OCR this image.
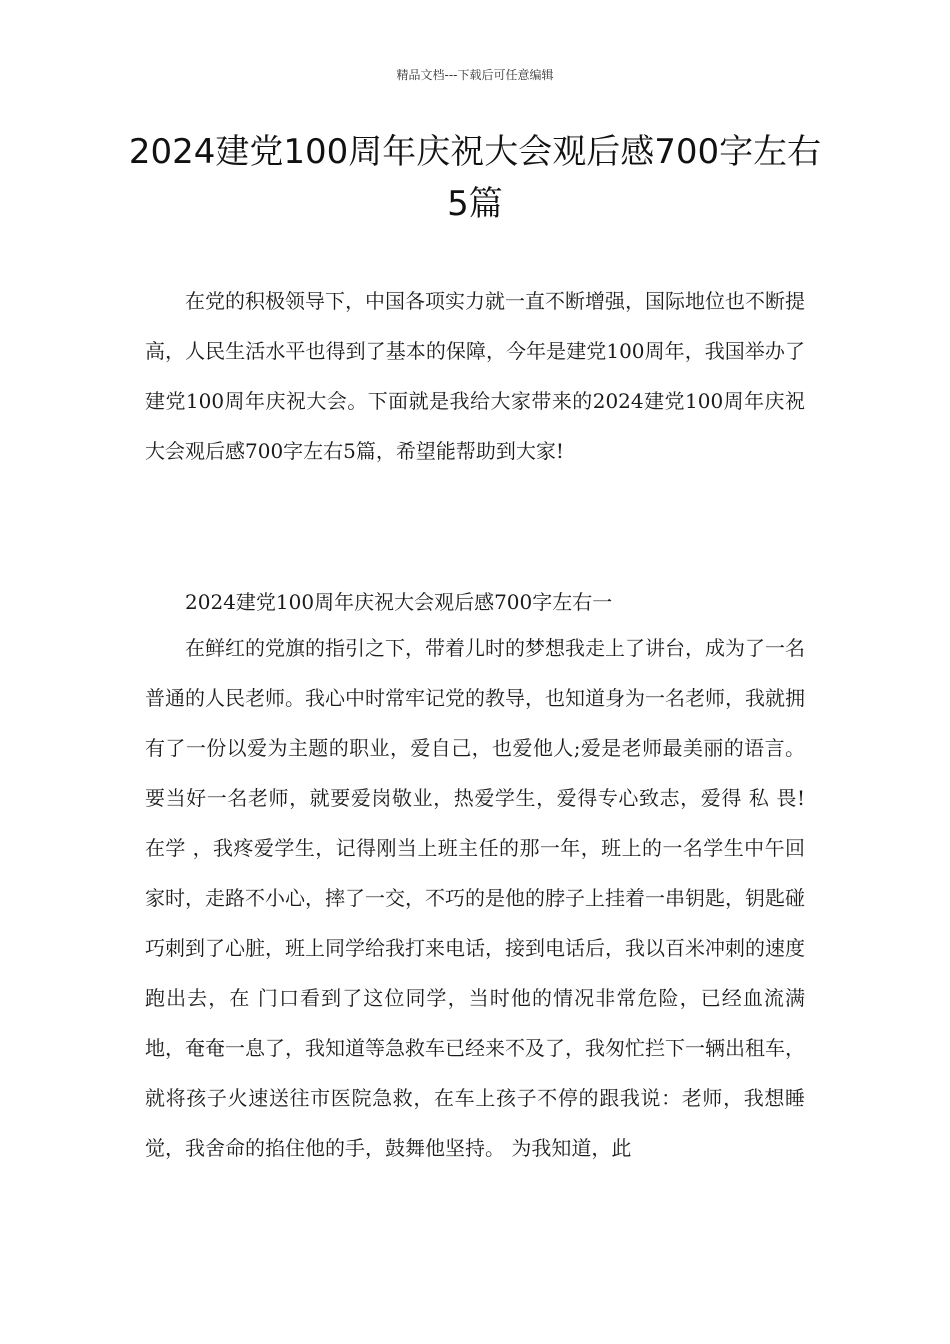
精品文档---下载后可任意编辑
2024建党100周年庆祝大会观后感700字左右5篇

在党的积极领导下，中国各项实力就一直不断增强，国际地位也不断提高，人民生活水平也得到了基本的保障，今年是建党100周年，我国举办了建党100周年庆祝大会。下面就是我给大家带来的2024建党100周年庆祝大会观后感700字左右5篇，希望能帮助到大家!

2024建党100周年庆祝大会观后感700字左右一

在鲜红的党旗的指引之下，带着儿时的梦想我走上了讲台，成为了一名普通的人民老师。我心中时常牢记党的教导，也知道身为一名老师，我就拥有了一份以爱为主题的职业，爱自己，也爱他人;爱是老师最美丽的语言。要当好一名老师，就要爱岗敬业，热爱学生，爱得专心致志，爱得 私 畏!在学 ，我疼爱学生，记得刚当上班主任的那一年，班上的一名学生中午回家时，走路不小心，摔了一交，不巧的是他的脖子上挂着一串钥匙，钥匙碰巧刺到了心脏，班上同学给我打来电话，接到电话后，我以百米冲刺的速度跑出去，在 门口看到了这位同学，当时他的情况非常危险，已经血流满地，奄奄一息了，我知道等急救车已经来不及了，我匆忙拦下一辆出租车，就将孩子火速送往市医院急救，在车上孩子不停的跟我说：老师，我想睡觉，我舍命的掐住他的手，鼓舞他坚持。 为我知道，此
